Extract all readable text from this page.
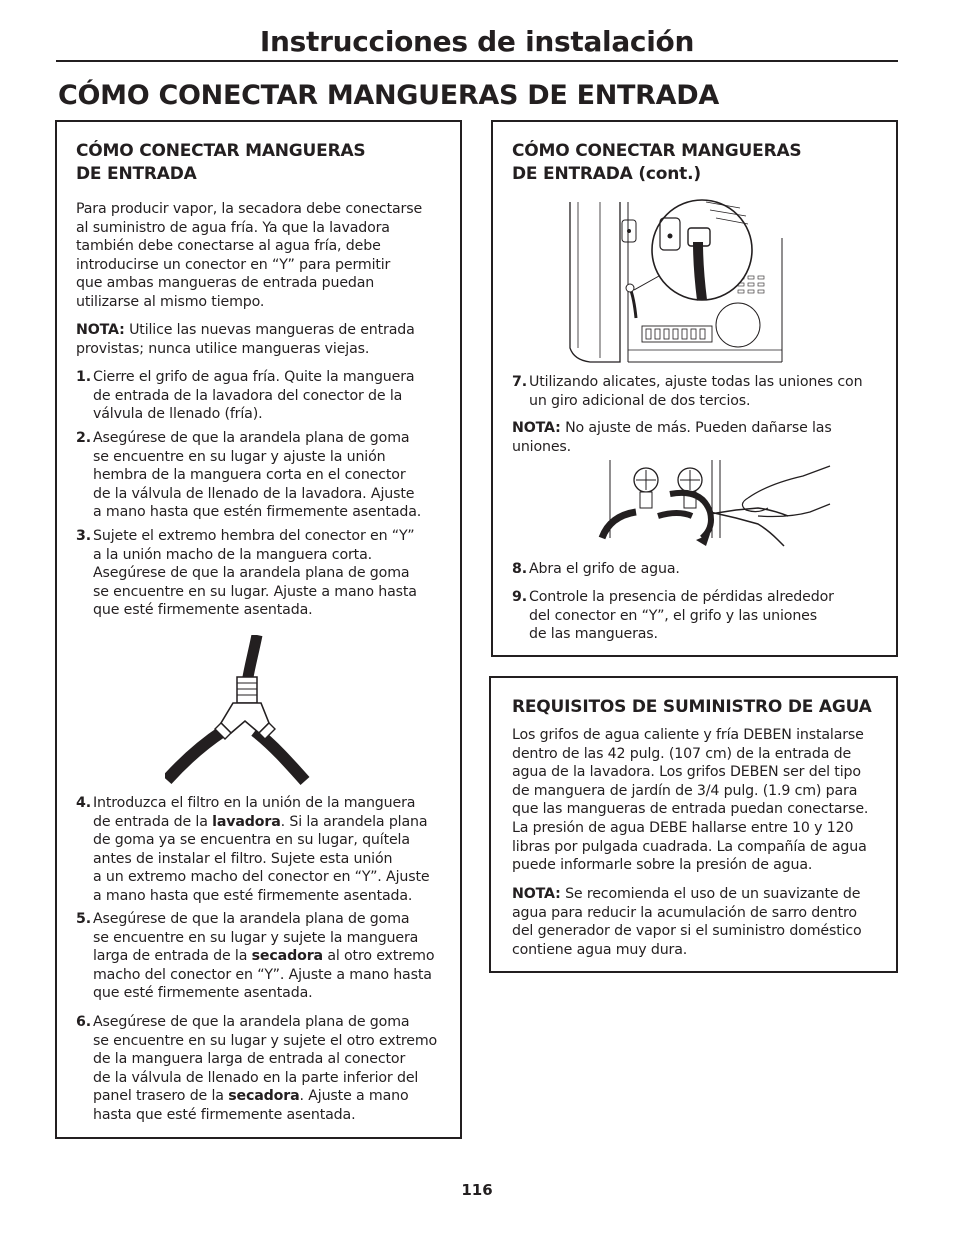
Instrucciones de instalación
CÓMO CONECTAR MANGUERAS DE ENTRADA
CÓMO CONECTAR MANGUERAS
DE ENTRADA
Para producir vapor, la secadora debe conectarse
al suministro de agua fría. Ya que la lavadora
también debe conectarse al agua fría, debe
introducirse un conector en “Y” para permitir
que ambas mangueras de entrada puedan
utilizarse al mismo tiempo.
NOTA: Utilice las nuevas mangueras de entrada
provistas; nunca utilice mangueras viejas.
1. Cierre el grifo de agua fría. Quite la manguera
de entrada de la lavadora del conector de la
válvula de llenado (fría).
2. Asegúrese de que la arandela plana de goma
se encuentre en su lugar y ajuste la unión
hembra de la manguera corta en el conector
de la válvula de llenado de la lavadora. Ajuste
a mano hasta que estén firmemente asentada.
3. Sujete el extremo hembra del conector en “Y”
a la unión macho de la manguera corta.
Asegúrese de que la arandela plana de goma
se encuentre en su lugar. Ajuste a mano hasta
que esté firmemente asentada.
4. Introduzca el filtro en la unión de la manguera
de entrada de la lavadora. Si la arandela plana
de goma ya se encuentra en su lugar, quítela
antes de instalar el filtro. Sujete esta unión
a un extremo macho del conector en “Y”. Ajuste
a mano hasta que esté firmemente asentada.
5. Asegúrese de que la arandela plana de goma
se encuentre en su lugar y sujete la manguera
larga de entrada de la secadora al otro extremo
macho del conector en “Y”. Ajuste a mano hasta
que esté firmemente asentada.
6. Asegúrese de que la arandela plana de goma
se encuentre en su lugar y sujete el otro extremo
de la manguera larga de entrada al conector
de la válvula de llenado en la parte inferior del
panel trasero de la secadora. Ajuste a mano
hasta que esté firmemente asentada.
CÓMO CONECTAR MANGUERAS
DE ENTRADA (cont.)
7. Utilizando alicates, ajuste todas las uniones con
un giro adicional de dos tercios.
NOTA: No ajuste de más. Pueden dañarse las
uniones.
8. Abra el grifo de agua.
9. Controle la presencia de pérdidas alrededor
del conector en “Y”, el grifo y las uniones
de las mangueras.
REQUISITOS DE SUMINISTRO DE AGUA
Los grifos de agua caliente y fría DEBEN instalarse
dentro de las 42 pulg. (107 cm) de la entrada de
agua de la lavadora. Los grifos DEBEN ser del tipo
de manguera de jardín de 3/4 pulg. (1.9 cm) para
que las mangueras de entrada puedan conectarse.
La presión de agua DEBE hallarse entre 10 y 120
libras por pulgada cuadrada. La compañía de agua
puede informarle sobre la presión de agua.
NOTA: Se recomienda el uso de un suavizante de
agua para reducir la acumulación de sarro dentro
del generador de vapor si el suministro doméstico
contiene agua muy dura.
116
